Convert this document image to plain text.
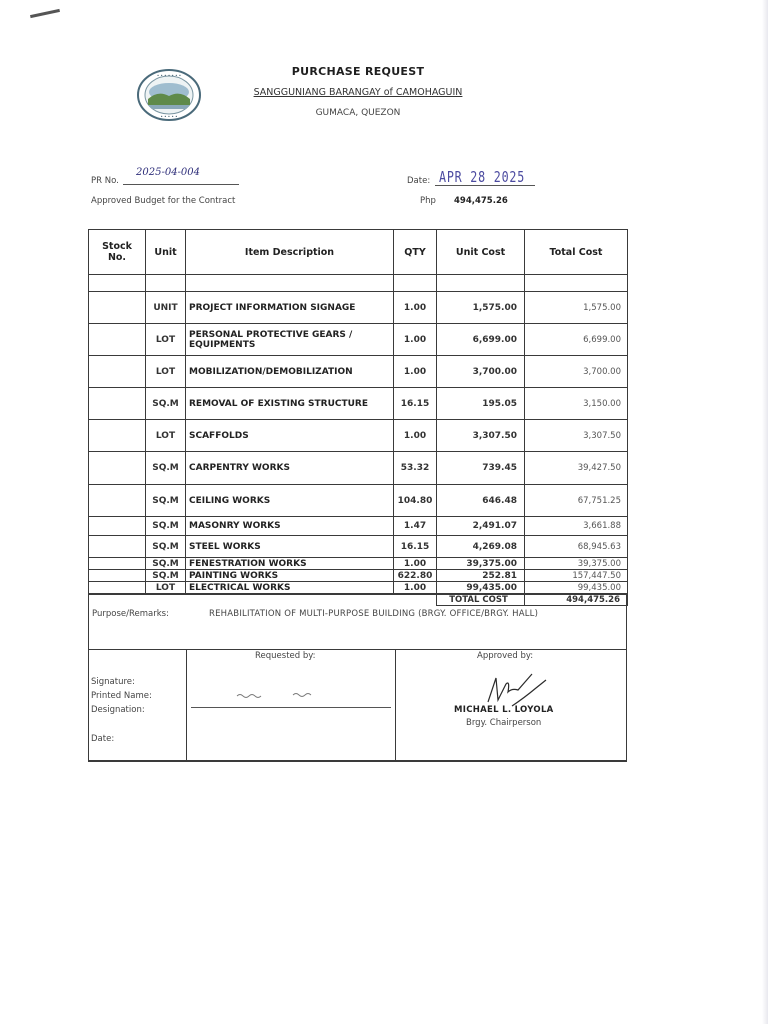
• • • • • • •
• • • • •
PURCHASE REQUEST
SANGGUNIANG BARANGAY of CAMOHAGUIN
GUMACA, QUEZON
PR No.
2025-04-004
Date: APR 28 2025
Approved Budget for the Contract	Php 494,475.26
Stock No.	Unit	Item Description	QTY	Unit Cost	Total Cost

	UNIT	PROJECT INFORMATION SIGNAGE	1.00	1,575.00	1,575.00
	LOT	PERSONAL PROTECTIVE GEARS / EQUIPMENTS	1.00	6,699.00	6,699.00
	LOT	MOBILIZATION/DEMOBILIZATION	1.00	3,700.00	3,700.00
	SQ.M	REMOVAL OF EXISTING STRUCTURE	16.15	195.05	3,150.00
	LOT	SCAFFOLDS	1.00	3,307.50	3,307.50
	SQ.M	CARPENTRY WORKS	53.32	739.45	39,427.50
	SQ.M	CEILING WORKS	104.80	646.48	67,751.25
	SQ.M	MASONRY WORKS	1.47	2,491.07	3,661.88
	SQ.M	STEEL WORKS	16.15	4,269.08	68,945.63
	SQ.M	FENESTRATION WORKS	1.00	39,375.00	39,375.00
	SQ.M	PAINTING WORKS	622.80	252.81	157,447.50
	LOT	ELECTRICAL WORKS	1.00	99,435.00	99,435.00
				TOTAL COST	494,475.26
Purpose/Remarks:	REHABILITATION OF MULTI-PURPOSE BUILDING (BRGY. OFFICE/BRGY. HALL)
Requested by:	Approved by:
Signature:
Printed Name:
Designation:
Date:
MICHAEL L. LOYOLA
Brgy. Chairperson
